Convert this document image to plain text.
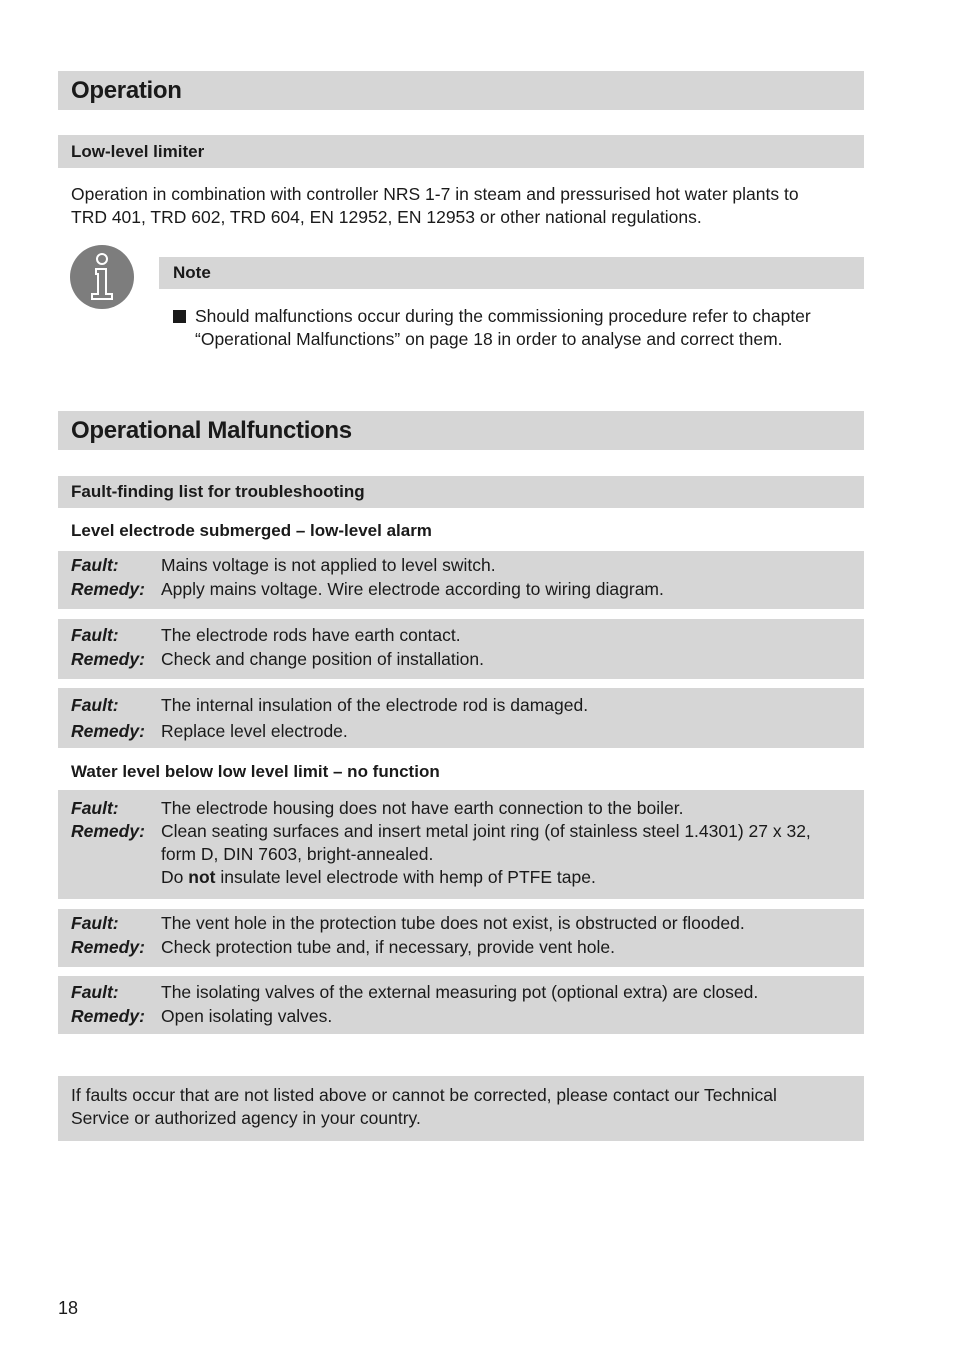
Operation
Low-level limiter
Operation in combination with controller NRS 1-7 in steam and pressurised hot water plants to
TRD 401, TRD 602, TRD 604, EN 12952, EN 12953 or other national regulations.
Note
Should malfunctions occur during the commissioning procedure refer to chapter
“Operational Malfunctions” on page 18 in order to analyse and correct them.
Operational Malfunctions
Fault-finding list for troubleshooting
Level electrode submerged – low-level alarm
Fault:	Mains voltage is not applied to level switch.
Remedy: Apply mains voltage. Wire electrode according to wiring diagram.
Fault:	The electrode rods have earth contact.
Remedy: Check and change position of installation.
Fault:	The internal insulation of the electrode rod is damaged.
Remedy: Replace level electrode.
Water level below low level limit – no function
Fault:	The electrode housing does not have earth connection to the boiler.
Remedy: Clean seating surfaces and insert metal joint ring (of stainless steel 1.4301) 27 x 32,
form D, DIN 7603, bright-annealed.
Do not insulate level electrode with hemp of PTFE tape.
Fault:	The vent hole in the protection tube does not exist, is obstructed or flooded.
Remedy: Check protection tube and, if necessary, provide vent hole.
Fault:	The isolating valves of the external measuring pot (optional extra) are closed.
Remedy: Open isolating valves.
If faults occur that are not listed above or cannot be corrected, please contact our Technical
Service or authorized agency in your country.
18
